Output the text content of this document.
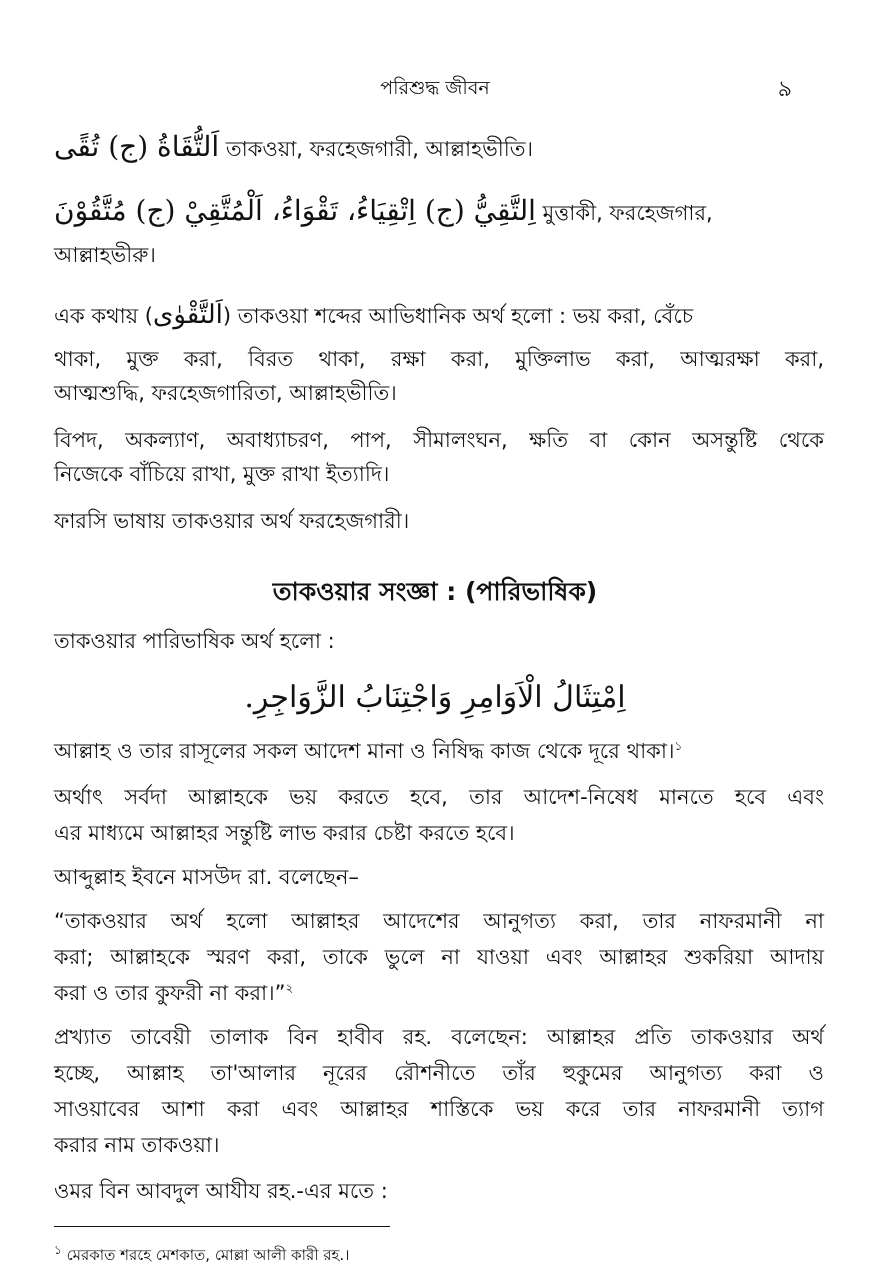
পরিশুদ্ধ জীবন	৯
اَلتُّقَاةُ (ج) تُقًى তাকওয়া, ফরহেজগারী, আল্লাহভীতি।
اِلتَّقِيُّ (ج) اِتْقِيَاءُ، تَقْوَاءُ، اَلْمُتَّقِيْ (ج) مُتَّقُوْنَ মুত্তাকী, ফরহেজগার,
আল্লাহভীরু।
এক কথায় (اَلتَّقْوٰى) তাকওয়া শব্দের আভিধানিক অর্থ হলো : ভয় করা, বেঁচে
থাকা, মুক্ত করা, বিরত থাকা, রক্ষা করা, মুক্তিলাভ করা, আত্মরক্ষা করা,
আত্মশুদ্ধি, ফরহেজগারিতা, আল্লাহভীতি।
বিপদ, অকল্যাণ, অবাধ্যাচরণ, পাপ, সীমালংঘন, ক্ষতি বা কোন অসন্তুষ্টি থেকে
নিজেকে বাঁচিয়ে রাখা, মুক্ত রাখা ইত্যাদি।
ফারসি ভাষায় তাকওয়ার অর্থ ফরহেজগারী।
তাকওয়ার সংজ্ঞা : (পারিভাষিক)
তাকওয়ার পারিভাষিক অর্থ হলো :
اِمْتِثَالُ الْاَوَامِرِ وَاجْتِنَابُ الزَّوَاجِرِ.
আল্লাহ ও তার রাসূলের সকল আদেশ মানা ও নিষিদ্ধ কাজ থেকে দূরে থাকা।$^১$
অর্থাৎ সর্বদা আল্লাহকে ভয় করতে হবে, তার আদেশ-নিষেধ মানতে হবে এবং
এর মাধ্যমে আল্লাহর সন্তুষ্টি লাভ করার চেষ্টা করতে হবে।
আব্দুল্লাহ ইবনে মাসউদ রা. বলেছেন–
“তাকওয়ার অর্থ হলো আল্লাহর আদেশের আনুগত্য করা, তার নাফরমানী না
করা; আল্লাহকে স্মরণ করা, তাকে ভুলে না যাওয়া এবং আল্লাহর শুকরিয়া আদায়
করা ও তার কুফরী না করা।”$^২$
প্রখ্যাত তাবেয়ী তালাক বিন হাবীব রহ. বলেছেন: আল্লাহর প্রতি তাকওয়ার অর্থ
হচ্ছে, আল্লাহ তা'আলার নূরের রৌশনীতে তাঁর হুকুমের আনুগত্য করা ও
সাওয়াবের আশা করা এবং আল্লাহর শাস্তিকে ভয় করে তার নাফরমানী ত্যাগ
করার নাম তাকওয়া।
ওমর বিন আবদুল আযীয রহ.-এর মতে :
$^১$ মেরকাত শরহে মেশকাত, মোল্লা আলী কারী রহ.।
